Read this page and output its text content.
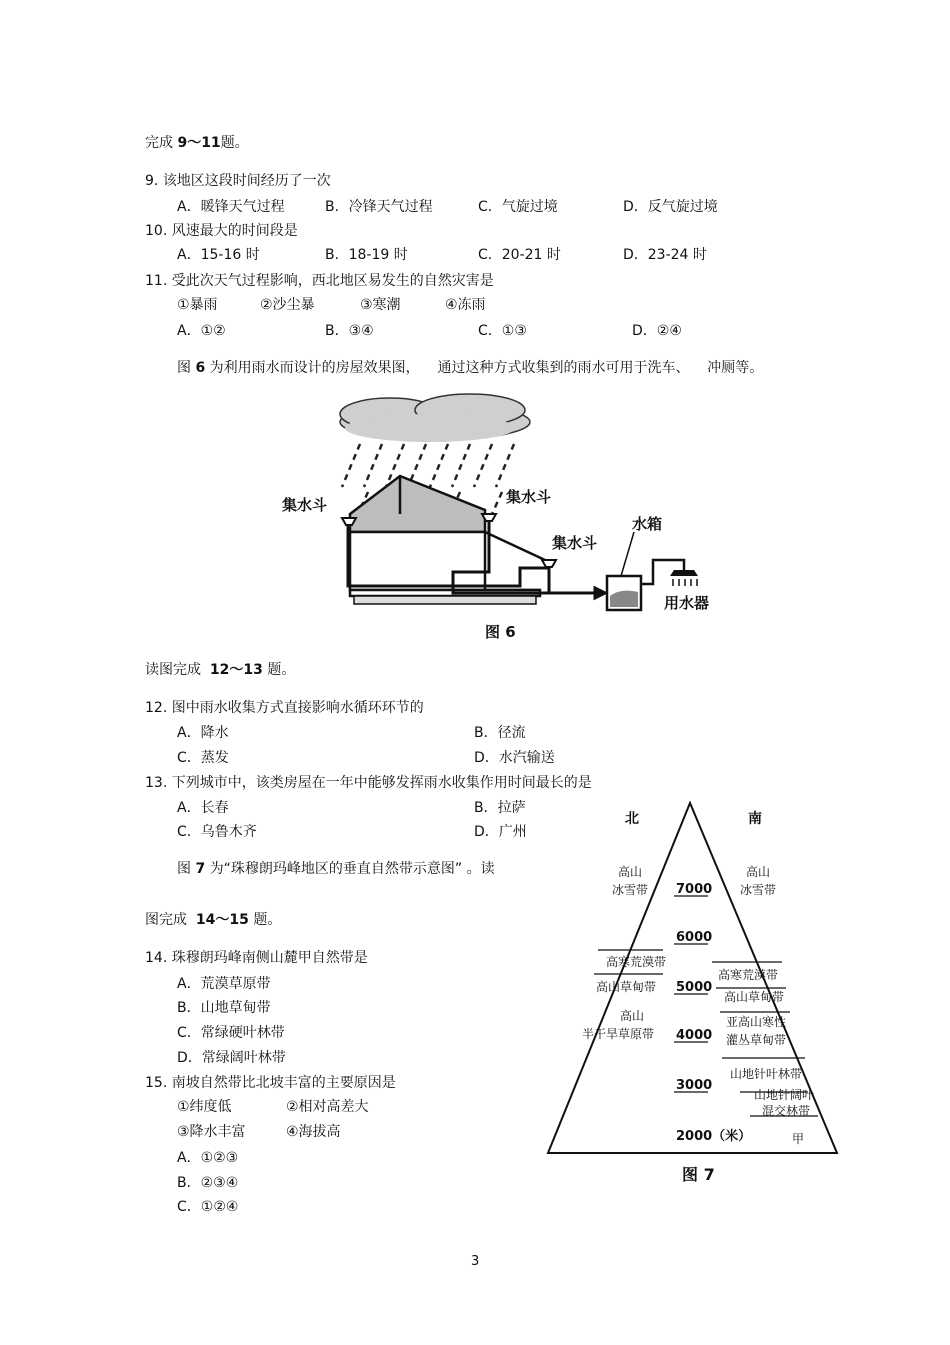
完成 9～11题。
9. 该地区这段时间经历了一次
A．暖锋天气过程	B．冷锋天气过程	C．气旋过境	D．反气旋过境
10. 风速最大的时间段是
A．15-16 时	B．18-19 时	C．20-21 时	D．23-24 时
11. 受此次天气过程影响，西北地区易发生的自然灾害是
①暴雨	②沙尘暴	③寒潮	④冻雨
A．①②	B．③④	C．①③	D．②④
图 6 为利用雨水而设计的房屋效果图， 通过这种方式收集到的雨水可用于洗车、 冲厕等。
集水斗	集水斗
集水斗
水箱
用水器
图 6
读图完成 12～13 题。
12. 图中雨水收集方式直接影响水循环环节的
A．降水	B．径流
C．蒸发	D．水汽输送
13. 下列城市中，该类房屋在一年中能够发挥雨水收集作用时间最长的是
A．长春	B．拉萨
C．乌鲁木齐	D．广州
图 7 为“珠穆朗玛峰地区的垂直自然带示意图” 。读
图完成 14～15 题。
14. 珠穆朗玛峰南侧山麓甲自然带是
A．荒漠草原带
B．山地草甸带
C．常绿硬叶林带
D．常绿阔叶林带
15. 南坡自然带比北坡丰富的主要原因是
①纬度低	②相对高差大
③降水丰富	④海拔高
A．①②③
B．②③④
C．①②④
北	南
7000
6000
5000
4000
3000
2000（米）
高山
冰雪带
高寒荒漠带
高山草甸带
高山
半干旱草原带
高山
冰雪带
高寒荒漠带
高山草甸带
亚高山寒性
灌丛草甸带
山地针叶林带
山地针阔叶
混交林带
甲
图 7
3
